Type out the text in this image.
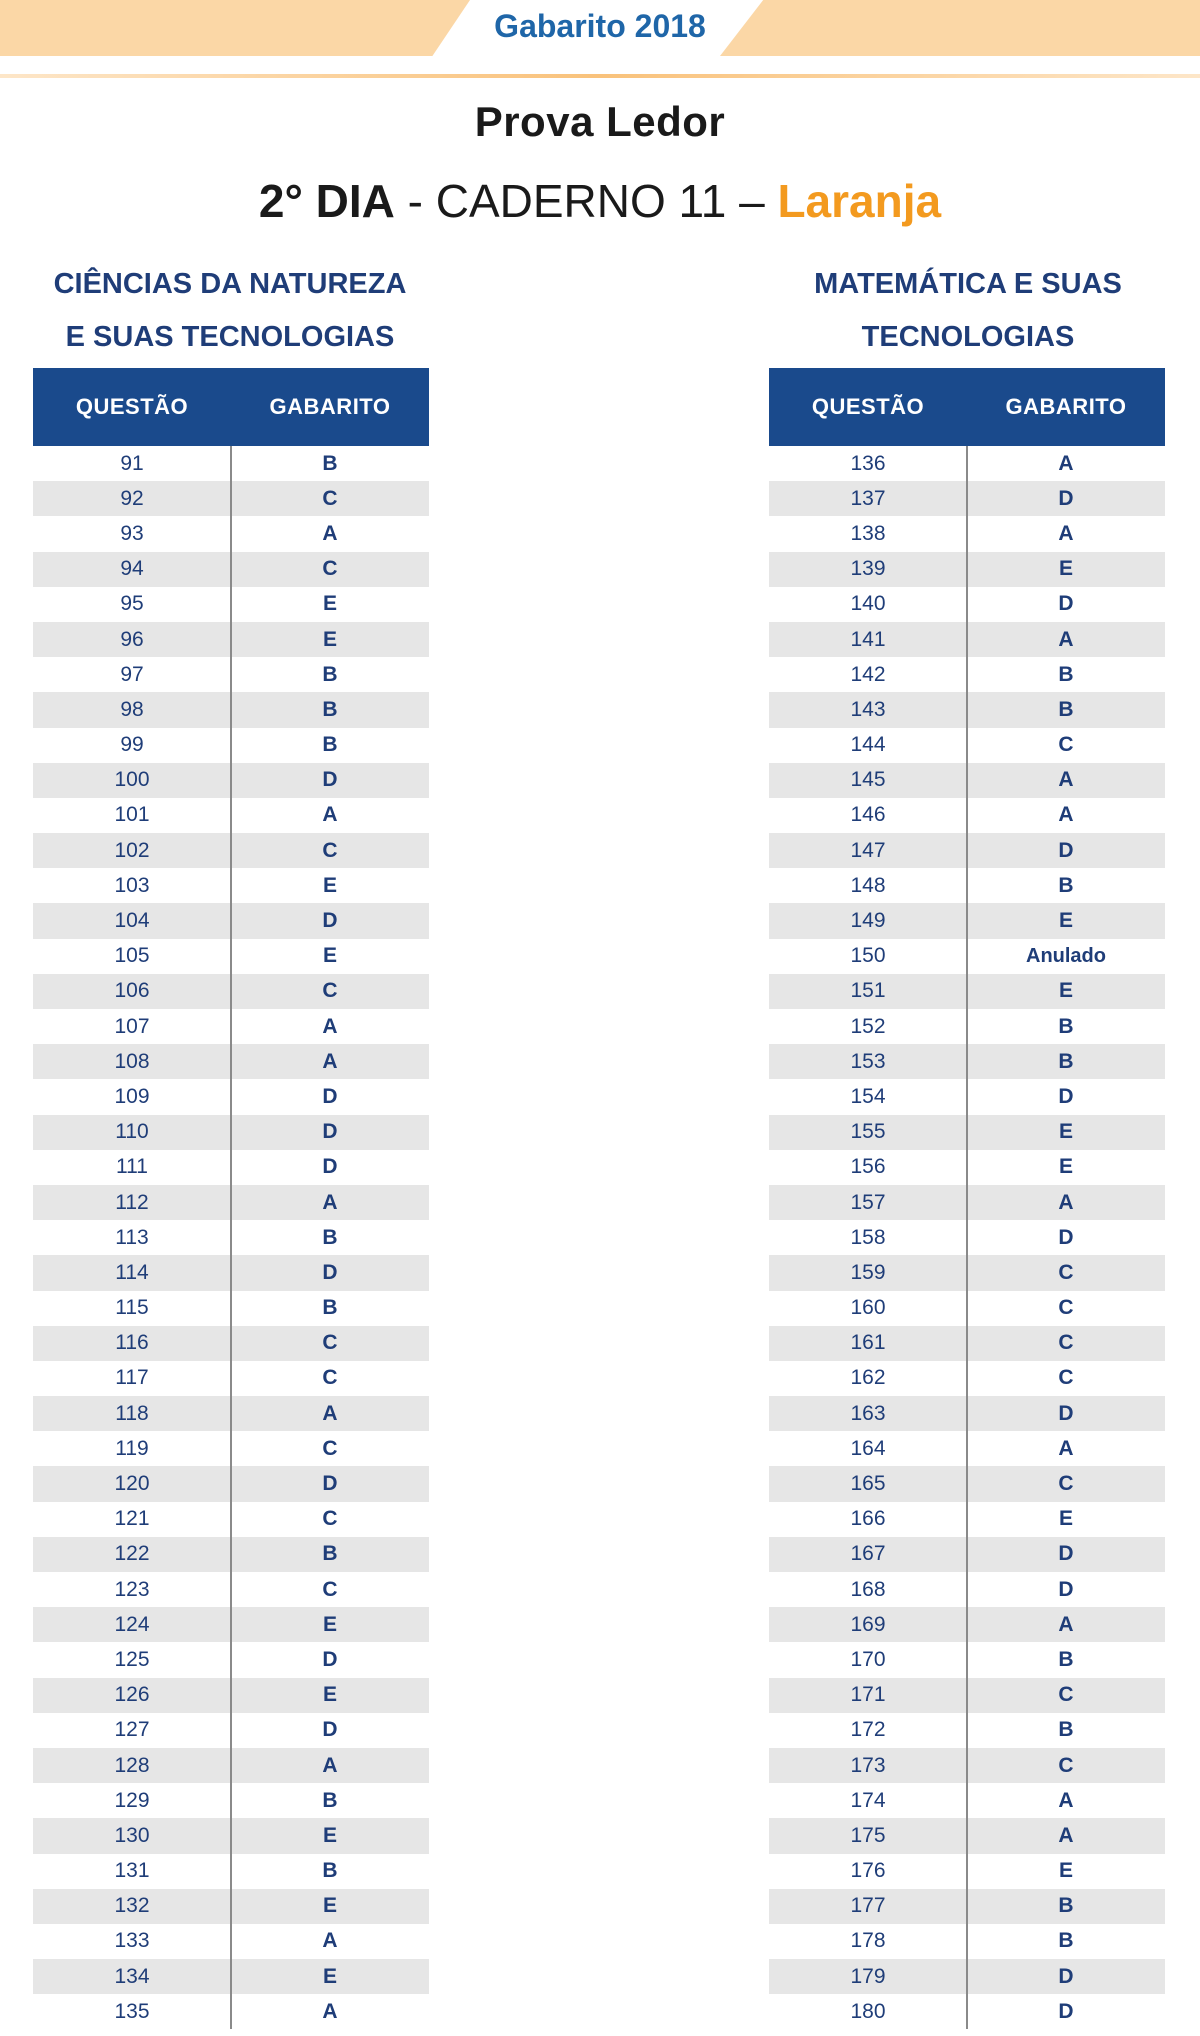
Gabarito 2018
Prova Ledor
2° DIA - CADERNO 11 – Laranja
CIÊNCIAS DA NATUREZA
E SUAS TECNOLOGIAS
QUESTÃO	GABARITO
91	B
92	C
93	A
94	C
95	E
96	E
97	B
98	B
99	B
100	D
101	A
102	C
103	E
104	D
105	E
106	C
107	A
108	A
109	D
110	D
111	D
112	A
113	B
114	D
115	B
116	C
117	C
118	A
119	C
120	D
121	C
122	B
123	C
124	E
125	D
126	E
127	D
128	A
129	B
130	E
131	B
132	E
133	A
134	E
135	A
MATEMÁTICA E SUAS
TECNOLOGIAS
QUESTÃO	GABARITO
136	A
137	D
138	A
139	E
140	D
141	A
142	B
143	B
144	C
145	A
146	A
147	D
148	B
149	E
150	Anulado
151	E
152	B
153	B
154	D
155	E
156	E
157	A
158	D
159	C
160	C
161	C
162	C
163	D
164	A
165	C
166	E
167	D
168	D
169	A
170	B
171	C
172	B
173	C
174	A
175	A
176	E
177	B
178	B
179	D
180	D
